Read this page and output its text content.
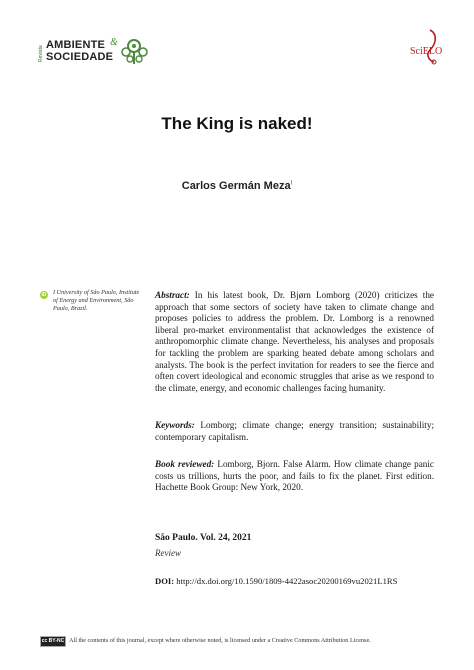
Revista
AMBIENTE &
SOCIEDADE	SciELO
The King is naked!
Carlos Germán Meza$^I$
iD I University of São Paulo, Institute of Energy and Environment, São Paulo, Brazil.
Abstract: In his latest book, Dr. Bjørn Lomborg (2020) criticizes the approach that some sectors of society have taken to climate change and proposes policies to address the problem. Dr. Lomborg is a renowned liberal pro-market environmentalist that acknowledges the existence of anthropomorphic climate change. Nevertheless, his analyses and proposals for tackling the problem are sparking heated debate among scholars and analysts. The book is the perfect invitation for readers to see the fierce and often covert ideological and economic struggles that arise as we respond to the climate, energy, and economic challenges facing humanity.
Keywords: Lomborg; climate change; energy transition; sustainability; contemporary capitalism.
Book reviewed: Lomborg, Bjorn. False Alarm. How climate change panic costs us trillions, hurts the poor, and fails to fix the planet. First edition. Hachette Book Group: New York, 2020.
São Paulo. Vol. 24, 2021
Review
DOI: http://dx.doi.org/10.1590/1809-4422asoc20200169vu2021L1RS
cc BY-NC All the contents of this journal, except where otherwise noted, is licensed under a Creative Commons Attribution License.
